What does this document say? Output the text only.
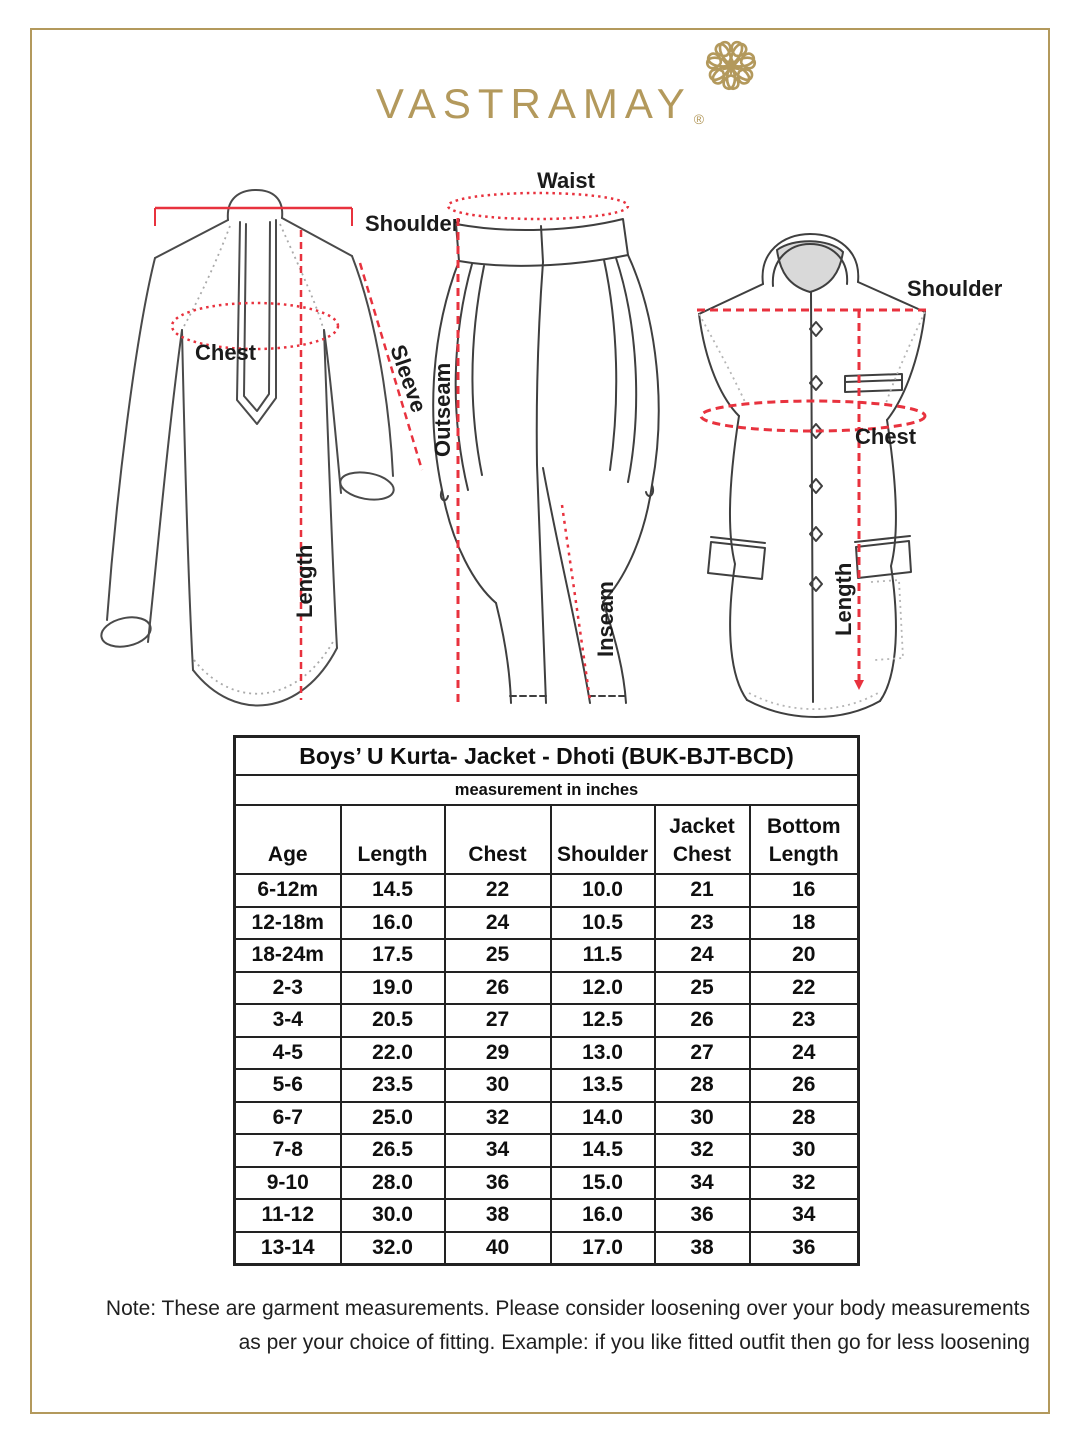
VASTRAMAY ®
Shoulder
Chest	Sleeve
Length
Waist
Outseam
Inseam
Shoulder
Chest
Length
Boys’ U Kurta- Jacket - Dhoti (BUK-BJT-BCD)					
measurement in inches					
Age	Length	Chest	Shoulder	Jacket Chest	Bottom Length
6-12m	14.5	22	10.0	21	16
12-18m	16.0	24	10.5	23	18
18-24m	17.5	25	11.5	24	20
2-3	19.0	26	12.0	25	22
3-4	20.5	27	12.5	26	23
4-5	22.0	29	13.0	27	24
5-6	23.5	30	13.5	28	26
6-7	25.0	32	14.0	30	28
7-8	26.5	34	14.5	32	30
9-10	28.0	36	15.0	34	32
11-12	30.0	38	16.0	36	34
13-14	32.0	40	17.0	38	36
Note: These are garment measurements. Please consider loosening over your body measurements
as per your choice of fitting. Example: if you like fitted outfit then go for less loosening
